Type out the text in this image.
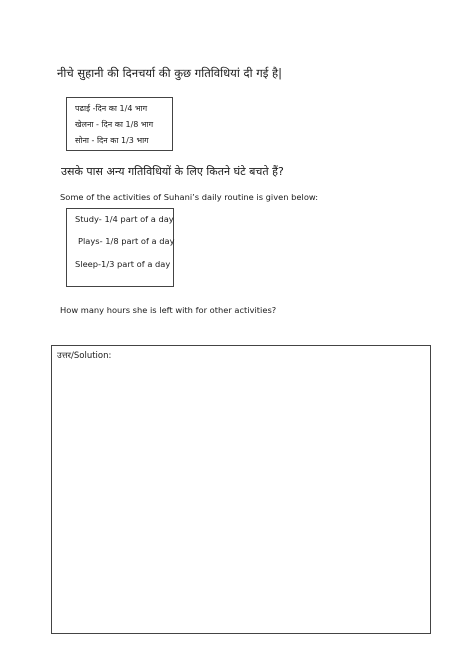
नीचे सुहानी की दिनचर्या की कुछ गतिविधियां दी गई है|
पढाई -दिन का 1/4 भाग
खेलना - दिन का 1/8 भाग
सोना - दिन का 1/3 भाग
उसके पास अन्य गतिविधियों के लिए कितने घंटे बचते हैं?
Some of the activities of Suhani’s daily routine is given below:
Study- 1/4 part of a day
Plays- 1/8 part of a day
Sleep-1/3 part of a day
How many hours she is left with for other activities?
उत्तर/Solution:
